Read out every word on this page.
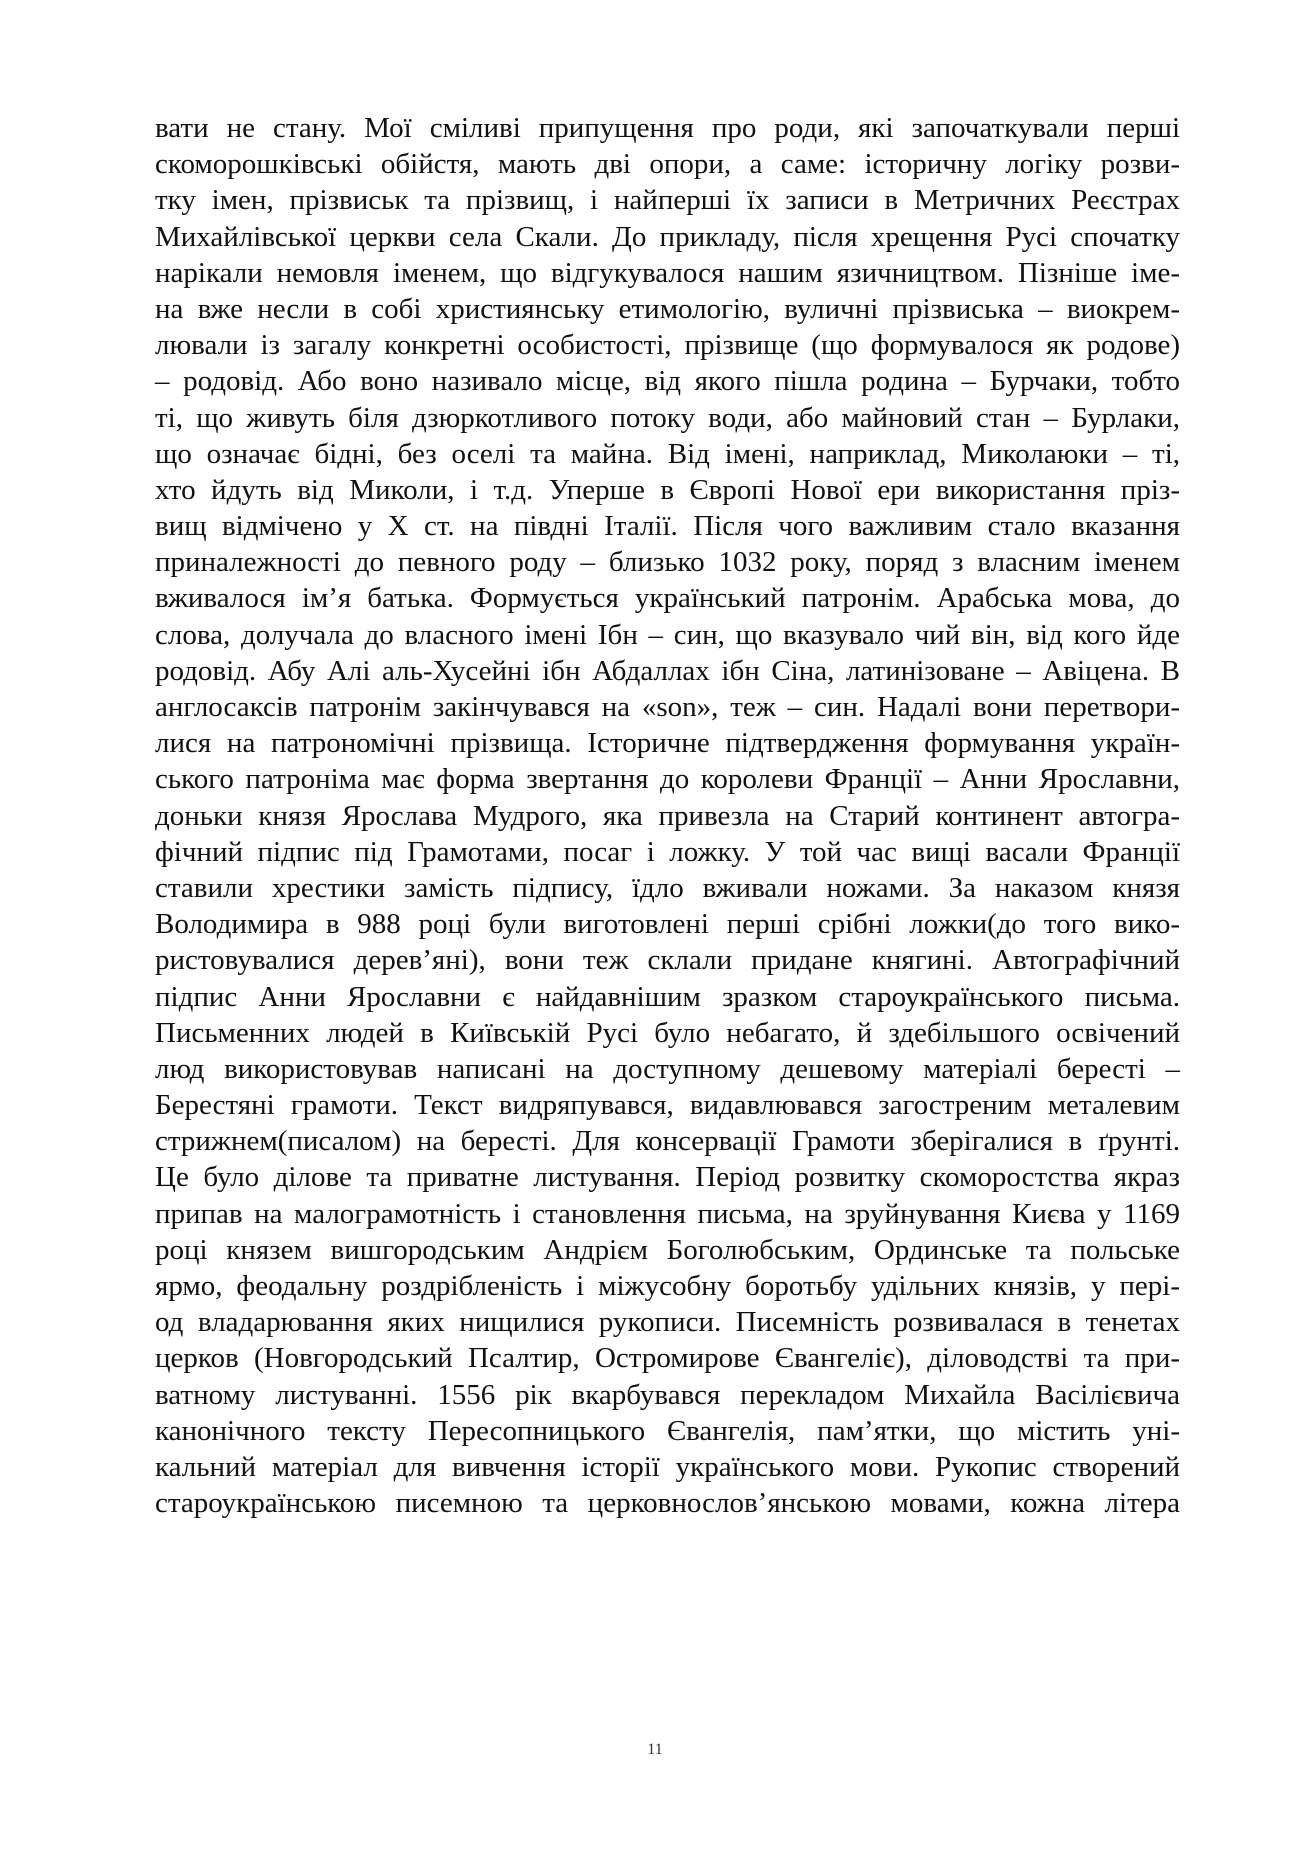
вати не стану. Мої сміливі припущення про роди, які започаткували перші
скоморошківські обійстя, мають дві опори, а саме: історичну логіку розви-
тку імен, прізвиськ та прізвищ, і найперші їх записи в Метричних Реєстрах
Михайлівської церкви села Скали. До прикладу, після хрещення Русі спочатку
нарікали немовля іменем, що відгукувалося нашим язичництвом. Пізніше іме-
на вже несли в собі християнську етимологію, вуличні прізвиська – виокрем-
лювали із загалу конкретні особистості, прізвище (що формувалося як родове)
– родовід. Або воно називало місце, від якого пішла родина – Бурчаки, тобто
ті, що живуть біля дзюркотливого потоку води, або майновий стан – Бурлаки,
що означає бідні, без оселі та майна. Від імені, наприклад, Миколаюки – ті,
хто йдуть від Миколи, і т.д. Уперше в Європі Нової ери використання пріз-
вищ відмічено у Х ст. на півдні Італії. Після чого важливим стало вказання
приналежності до певного роду – близько 1032 року, поряд з власним іменем
вживалося ім’я батька. Формується український патронім. Арабська мова, до
слова, долучала до власного імені Ібн – син, що вказувало чий він, від кого йде
родовід. Абу Алі аль-Хусейні ібн Абдаллах ібн Сіна, латинізоване – Авіцена. В
англосаксів патронім закінчувався на «son», теж – син. Надалі вони перетвори-
лися на патрономічні прізвища. Історичне підтвердження формування україн-
ського патроніма має форма звертання до королеви Франції – Анни Ярославни,
доньки князя Ярослава Мудрого, яка привезла на Старий континент автогра-
фічний підпис під Грамотами, посаг і ложку. У той час вищі васали Франції
ставили хрестики замість підпису, їдло вживали ножами. За наказом князя
Володимира в 988 році були виготовлені перші срібні ложки(до того вико-
ристовувалися дерев’яні), вони теж склали придане княгині. Автографічний
підпис Анни Ярославни є найдавнішим зразком староукраїнського письма.
Письменних людей в Київській Русі було небагато, й здебільшого освічений
люд використовував написані на доступному дешевому матеріалі бересті –
Берестяні грамоти. Текст видряпувався, видавлювався загостреним металевим
стрижнем(писалом) на бересті. Для консервації Грамоти зберігалися в ґрунті.
Це було ділове та приватне листування. Період розвитку скоморостства якраз
припав на малограмотність і становлення письма, на зруйнування Києва у 1169
році князем вишгородським Андрієм Боголюбським, Ординське та польське
ярмо, феодальну роздрібленість і міжусобну боротьбу удільних князів, у пері-
од владарювання яких нищилися рукописи. Писемність розвивалася в тенетах
церков (Новгородський Псалтир, Остромирове Євангеліє), діловодстві та при-
ватному листуванні. 1556 рік вкарбувався перекладом Михайла Васілієвича
канонічного тексту Пересопницького Євангелія, пам’ятки, що містить уні-
кальний матеріал для вивчення історії українського мови. Рукопис створений
староукраїнською писемною та церковнослов’янською мовами, кожна літера
11
